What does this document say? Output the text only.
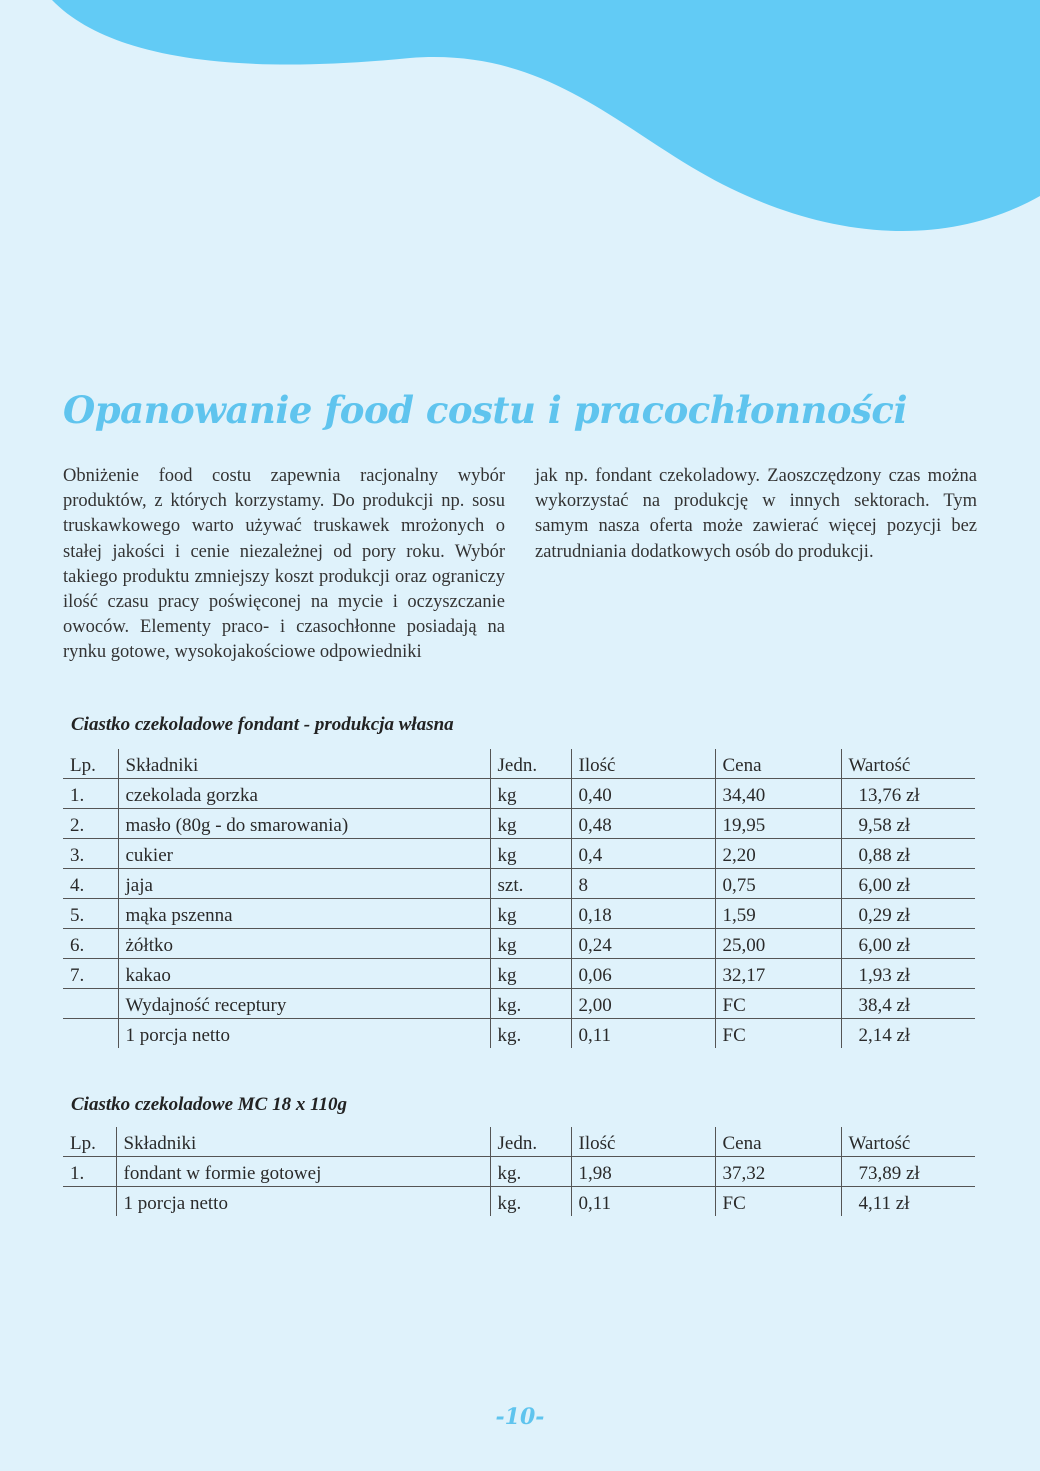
Opanowanie food costu i pracochłonności

Obniżenie food costu zapewnia racjonalny wybór produktów, z których korzystamy. Do produkcji np. sosu truskawkowego warto używać truskawek mrożonych o stałej jakości i cenie niezależnej od pory roku. Wybór takiego produktu zmniejszy koszt produkcji oraz ograniczy ilość czasu pracy poświęconej na mycie i oczyszczanie owoców. Elementy praco- i czasochłonne posiadają na rynku gotowe, wysokojakościowe odpowiedniki

jak np. fondant czekoladowy. Zaoszczędzony czas można wykorzystać na produkcję w innych sektorach. Tym samym nasza oferta może zawierać więcej pozycji bez zatrudniania dodatkowych osób do produkcji.

Ciastko czekoladowe fondant - produkcja własna
Lp.	Składniki	Jedn.	Ilość	Cena	Wartość
1.	czekolada gorzka	kg	0,40	34,40	13,76 zł
2.	masło (80g - do smarowania)	kg	0,48	19,95	9,58 zł
3.	cukier	kg	0,4	2,20	0,88 zł
4.	jaja	szt.	8	0,75	6,00 zł
5.	mąka pszenna	kg	0,18	1,59	0,29 zł
6.	żółtko	kg	0,24	25,00	6,00 zł
7.	kakao	kg	0,06	32,17	1,93 zł
	Wydajność receptury	kg.	2,00	FC	38,4 zł
	1 porcja netto	kg.	0,11	FC	2,14 zł
Ciastko czekoladowe MC 18 x 110g
Lp.	Składniki	Jedn.	Ilość	Cena	Wartość
1.	fondant w formie gotowej	kg.	1,98	37,32	73,89 zł
	1 porcja netto	kg.	0,11	FC	4,11 zł
-10-
